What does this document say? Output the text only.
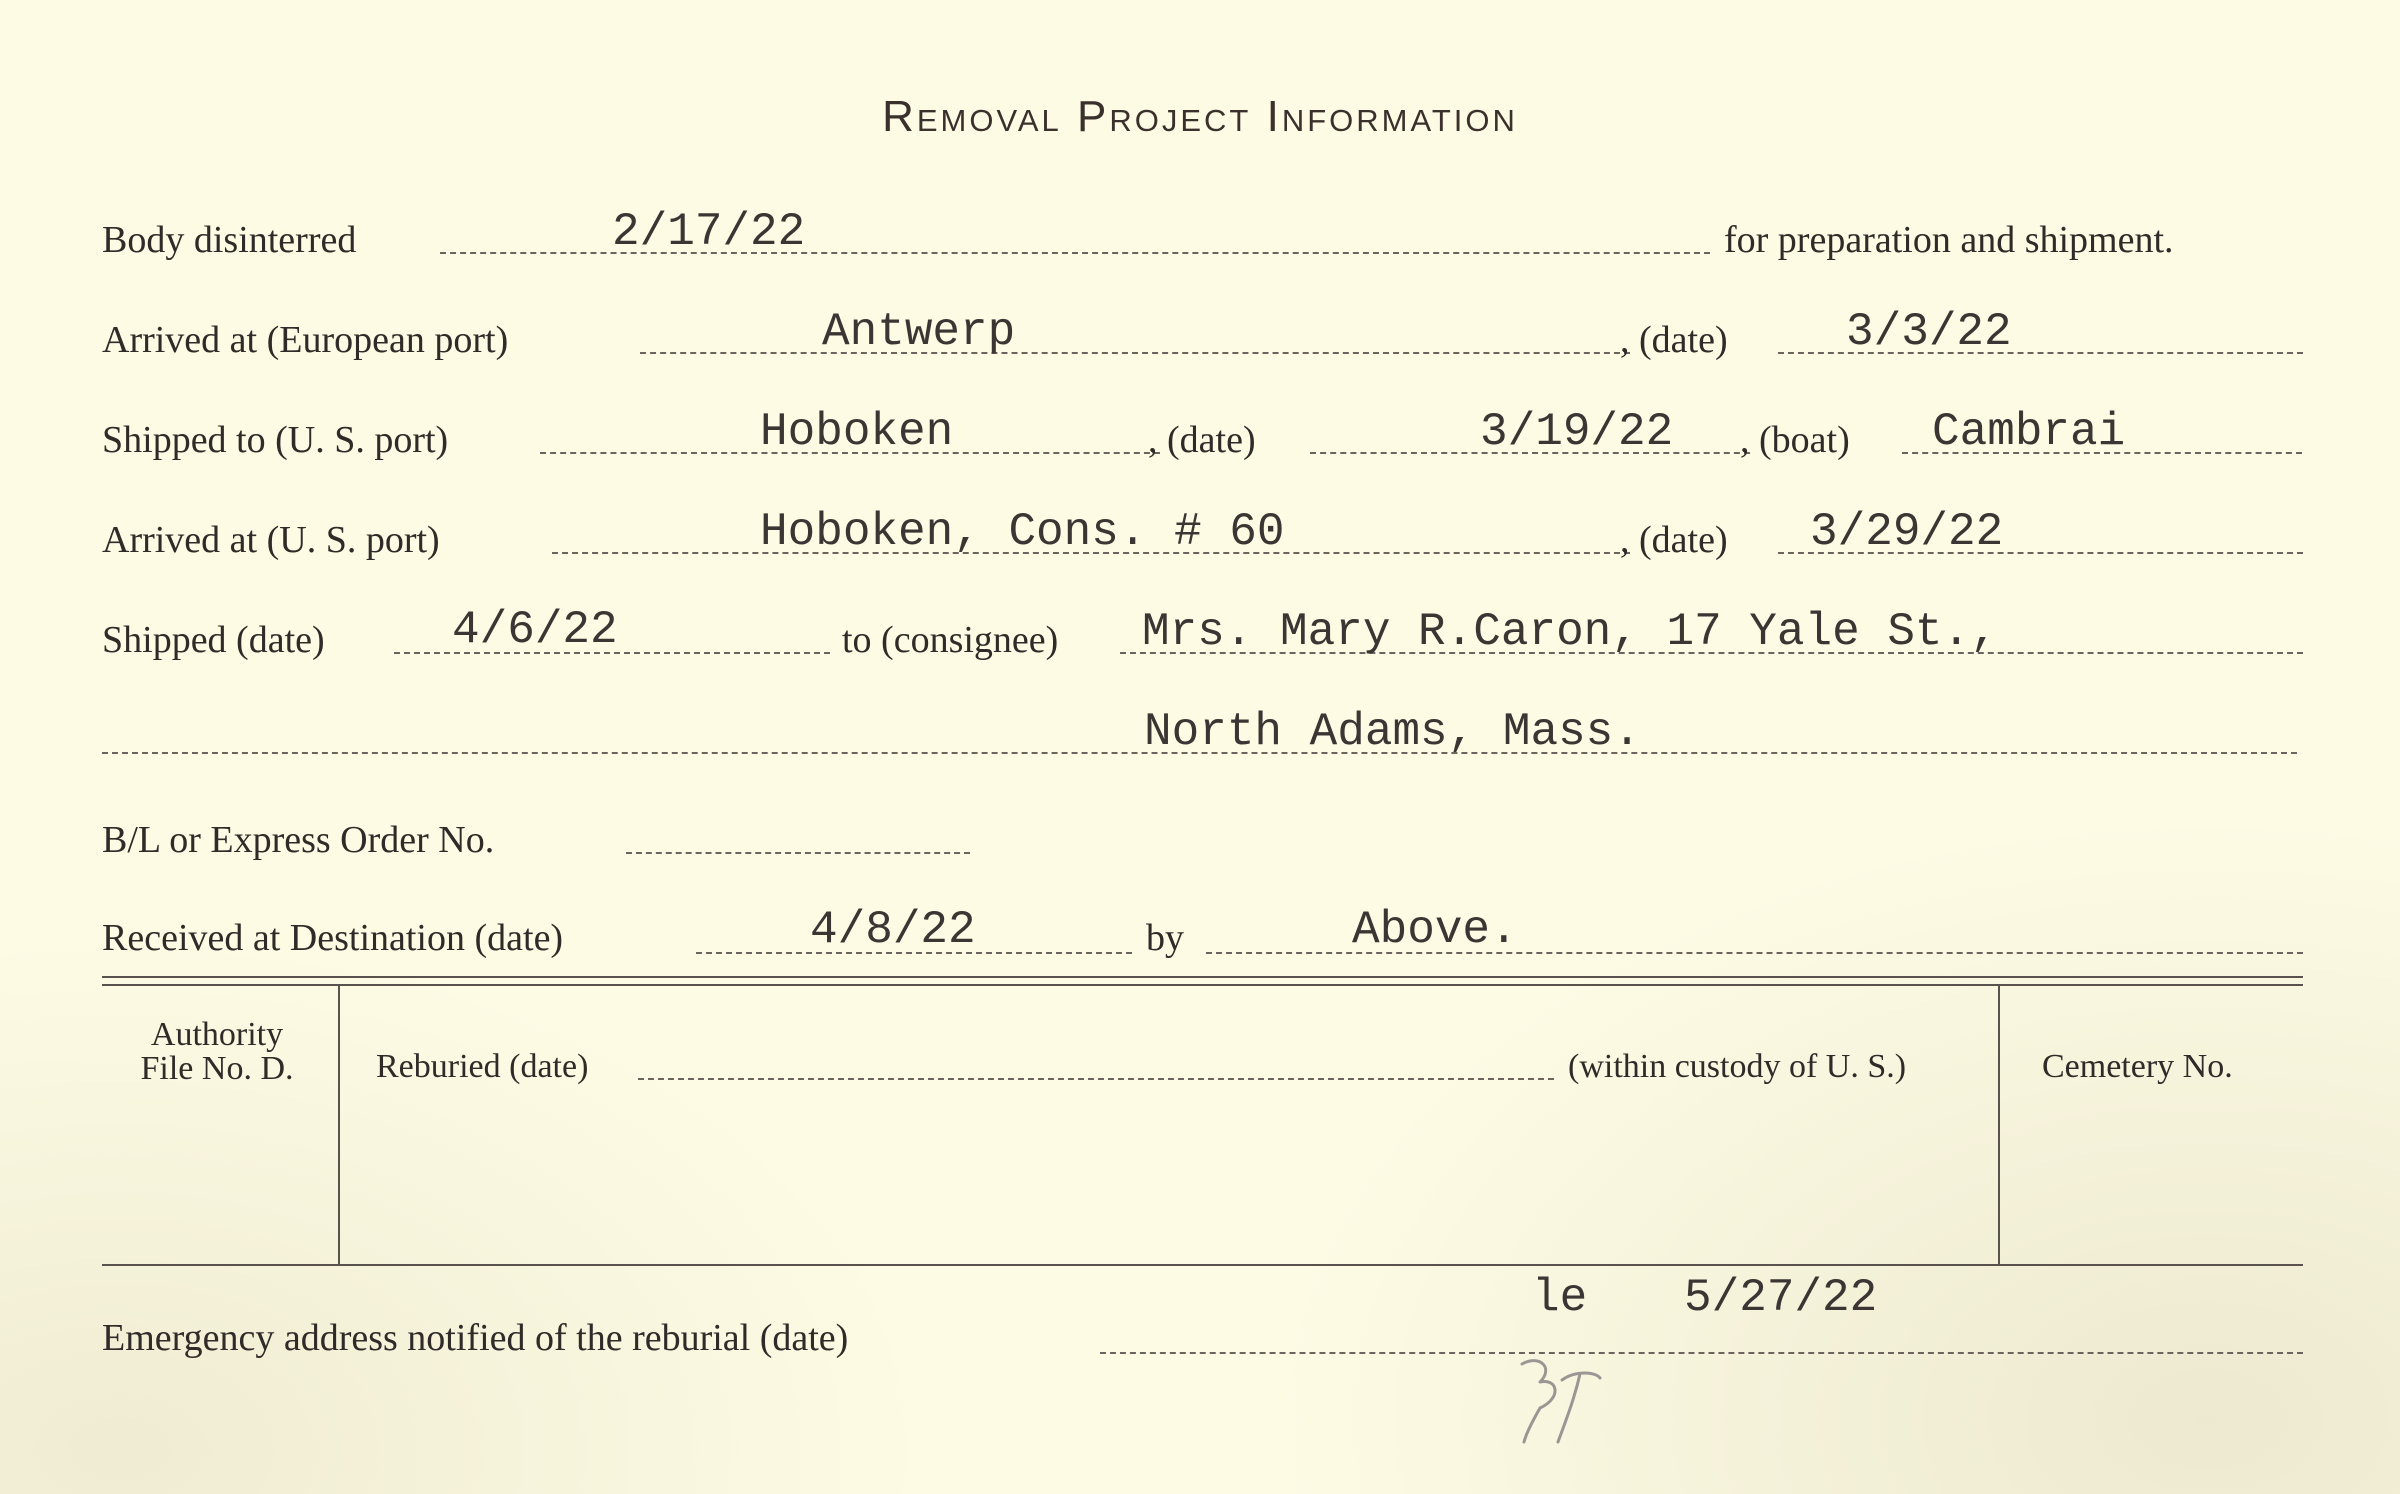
Removal Project Information
Body disinterred	2/17/22	for preparation and shipment.
Arrived at (European port)	Antwerp	, (date)	3/3/22
Shipped to (U. S. port)	Hoboken	, (date)	3/19/22 , (boat) Cambrai
Arrived at (U. S. port)	Hoboken, Cons. # 60	, (date) 3/29/22
Shipped (date)	4/6/22	to (consignee) Mrs. Mary R.Caron, 17 Yale St.,
North Adams, Mass.
B/L or Express Order No.
Received at Destination (date)	4/8/22	by	Above.
Authority
File No. D.	Reburied (date)	(within custody of U. S.)	Cemetery No.
Emergency address notified of the reburial (date)
le 5/27/22
